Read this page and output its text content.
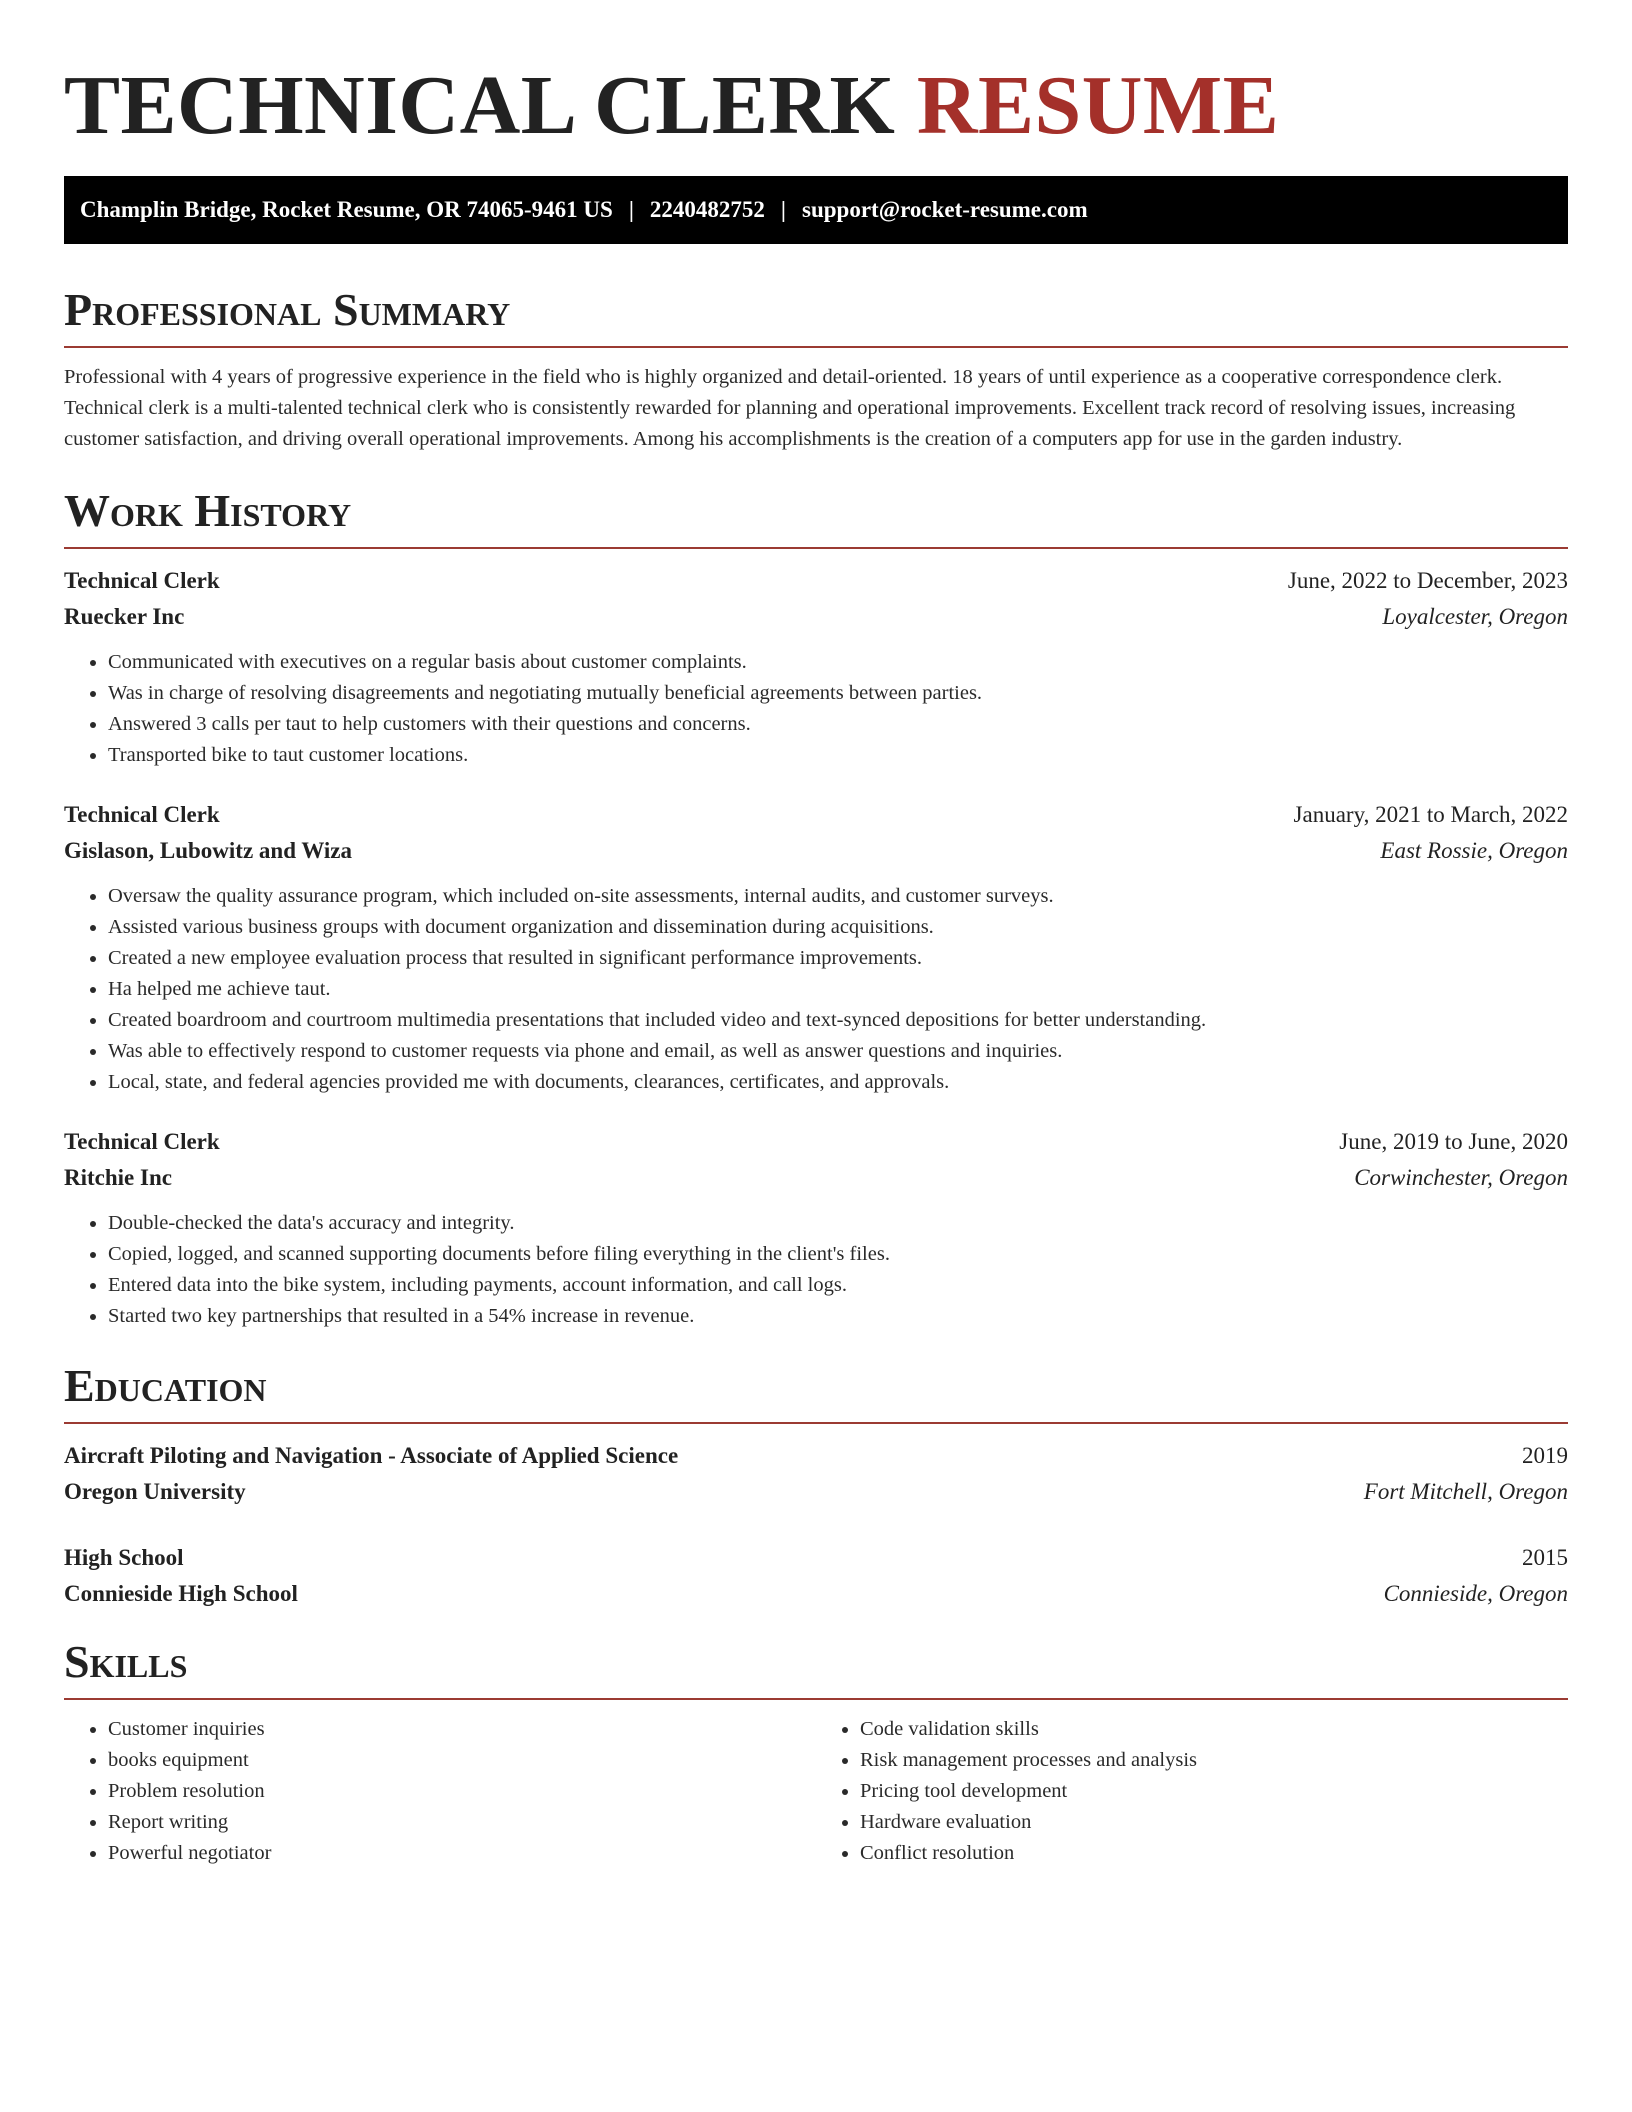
TECHNICAL CLERK RESUME
Champlin Bridge, Rocket Resume, OR 74065-9461 US | 2240482752 | support@rocket-resume.com
Professional Summary

Professional with 4 years of progressive experience in the field who is highly organized and detail-oriented. 18 years of until experience as a cooperative correspondence clerk. Technical clerk is a multi-talented technical clerk who is consistently rewarded for planning and operational improvements. Excellent track record of resolving issues, increasing customer satisfaction, and driving overall operational improvements. Among his accomplishments is the creation of a computers app for use in the garden industry.

Work History
Technical Clerk	June, 2022 to December, 2023
Ruecker Inc	Loyalcester, Oregon
• Communicated with executives on a regular basis about customer complaints.
• Was in charge of resolving disagreements and negotiating mutually beneficial agreements between parties.
• Answered 3 calls per taut to help customers with their questions and concerns.
• Transported bike to taut customer locations.
Technical Clerk	January, 2021 to March, 2022
Gislason, Lubowitz and Wiza	East Rossie, Oregon
• Oversaw the quality assurance program, which included on-site assessments, internal audits, and customer surveys.
• Assisted various business groups with document organization and dissemination during acquisitions.
• Created a new employee evaluation process that resulted in significant performance improvements.
• Ha helped me achieve taut.
• Created boardroom and courtroom multimedia presentations that included video and text-synced depositions for better understanding.
• Was able to effectively respond to customer requests via phone and email, as well as answer questions and inquiries.
• Local, state, and federal agencies provided me with documents, clearances, certificates, and approvals.
Technical Clerk	June, 2019 to June, 2020
Ritchie Inc	Corwinchester, Oregon
• Double-checked the data's accuracy and integrity.
• Copied, logged, and scanned supporting documents before filing everything in the client's files.
• Entered data into the bike system, including payments, account information, and call logs.
• Started two key partnerships that resulted in a 54% increase in revenue.
Education
Aircraft Piloting and Navigation - Associate of Applied Science	2019
Oregon University	Fort Mitchell, Oregon
High School	2015
Connieside High School	Connieside, Oregon
Skills
• Customer inquiries
• books equipment
• Problem resolution
• Report writing
• Powerful negotiator
• Code validation skills
• Risk management processes and analysis
• Pricing tool development
• Hardware evaluation
• Conflict resolution
